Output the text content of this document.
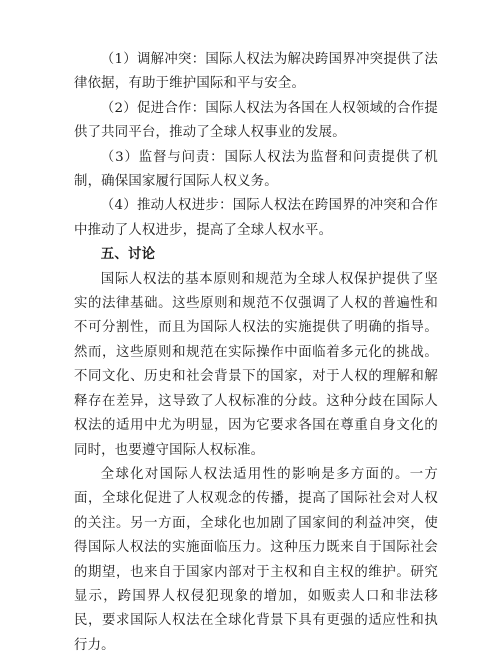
（1）调解冲突：国际人权法为解决跨国界冲突提供了法律依据，有助于维护国际和平与安全。

（2）促进合作：国际人权法为各国在人权领域的合作提供了共同平台，推动了全球人权事业的发展。

（3）监督与问责：国际人权法为监督和问责提供了机制，确保国家履行国际人权义务。

（4）推动人权进步：国际人权法在跨国界的冲突和合作中推动了人权进步，提高了全球人权水平。

五、讨论

国际人权法的基本原则和规范为全球人权保护提供了坚实的法律基础。这些原则和规范不仅强调了人权的普遍性和不可分割性，而且为国际人权法的实施提供了明确的指导。然而，这些原则和规范在实际操作中面临着多元化的挑战。不同文化、历史和社会背景下的国家，对于人权的理解和解释存在差异，这导致了人权标准的分歧。这种分歧在国际人权法的适用中尤为明显，因为它要求各国在尊重自身文化的同时，也要遵守国际人权标准。

全球化对国际人权法适用性的影响是多方面的。一方面，全球化促进了人权观念的传播，提高了国际社会对人权的关注。另一方面，全球化也加剧了国家间的利益冲突，使得国际人权法的实施面临压力。这种压力既来自于国际社会的期望，也来自于国家内部对于主权和自主权的维护。研究显示，跨国界人权侵犯现象的增加，如贩卖人口和非法移民，要求国际人权法在全球化背景下具有更强的适应性和执行力。
